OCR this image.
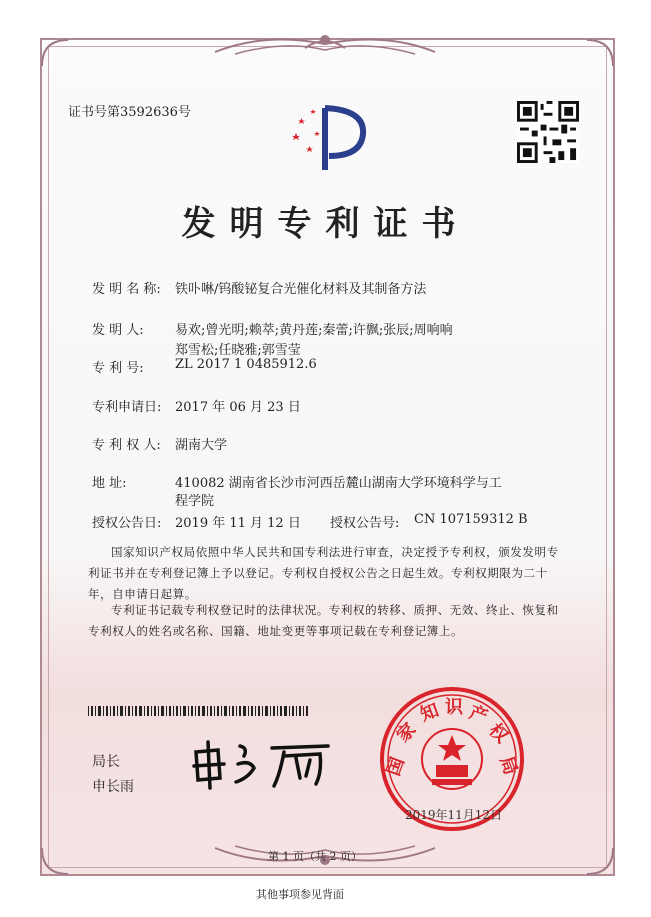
证书号第3592636号
发明专利证书
发 明 名 称: 铁卟啉/钨酸铋复合光催化材料及其制备方法
发 明 人: 易欢;曾光明;赖萃;黄丹莲;秦蕾;许飘;张辰;周响响
郑雪松;任晓雅;郭雪莹
专 利 号: ZL 2017 1 0485912.6
专利申请日: 2017 年 06 月 23 日
专 利 权 人: 湖南大学
地 址:	410082 湖南省长沙市河西岳麓山湖南大学环境科学与工
程学院
授权公告日: 2019 年 11 月 12 日 授权公告号: CN 107159312 B
国家知识产权局依照中华人民共和国专利法进行审查，决定授予专利权，颁发发明专利证书并在专利登记簿上予以登记。专利权自授权公告之日起生效。专利权期限为二十年，自申请日起算。
专利证书记载专利权登记时的法律状况。专利权的转移、质押、无效、终止、恢复和专利权人的姓名或名称、国籍、地址变更等事项记载在专利登记簿上。
局长
申长雨
国
家
知 识 产
权
局
2019年11月12日
第 1 页（共 2 页）
其他事项参见背面
